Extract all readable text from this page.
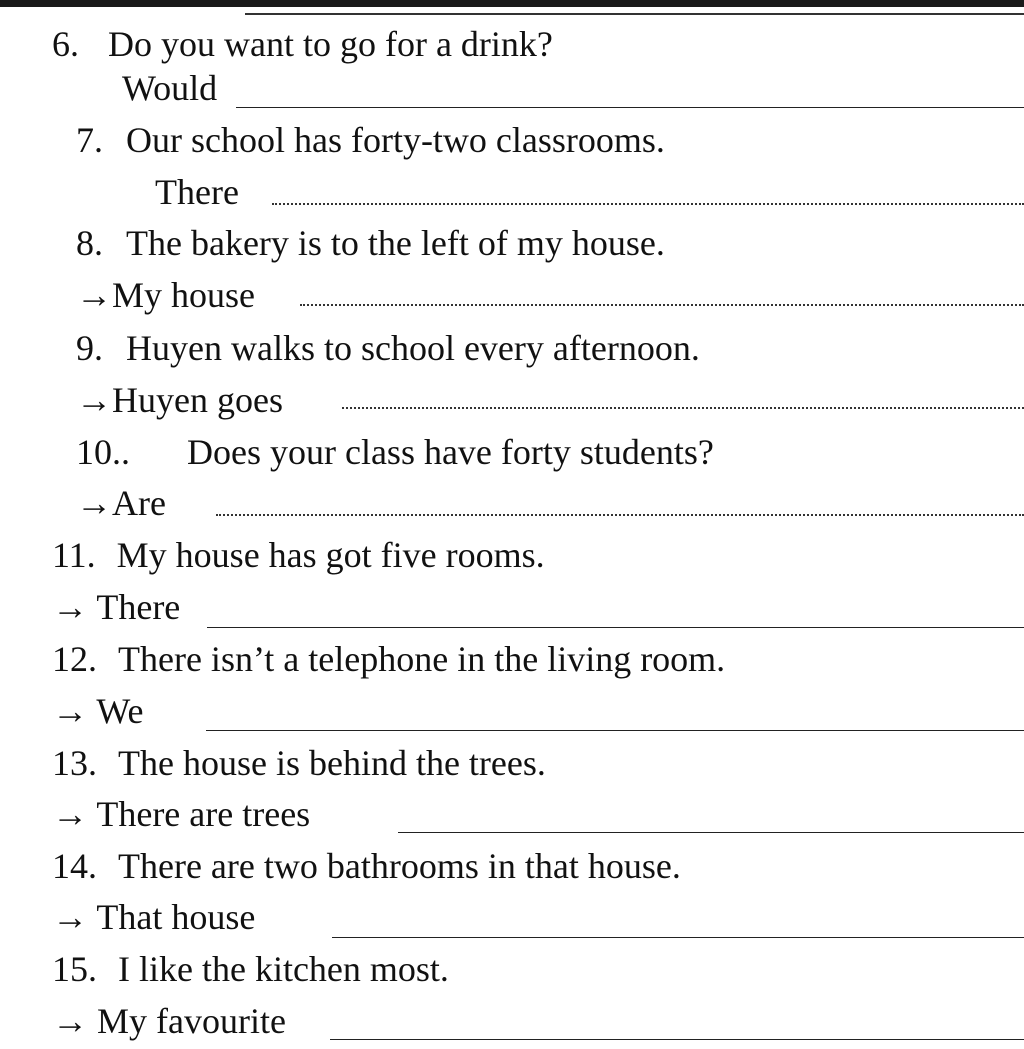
6. Do you want to go for a drink?
Would
7. Our school has forty-two classrooms.
There
8. The bakery is to the left of my house.
→My house
9. Huyen walks to school every afternoon.
→Huyen goes
10.. Does your class have forty students?
→Are
11. My house has got five rooms.
→ There
12. There isn’t a telephone in the living room.
→ We
13. The house is behind the trees.
→ There are trees
14. There are two bathrooms in that house.
→ That house
15. I like the kitchen most.
→ My favourite
